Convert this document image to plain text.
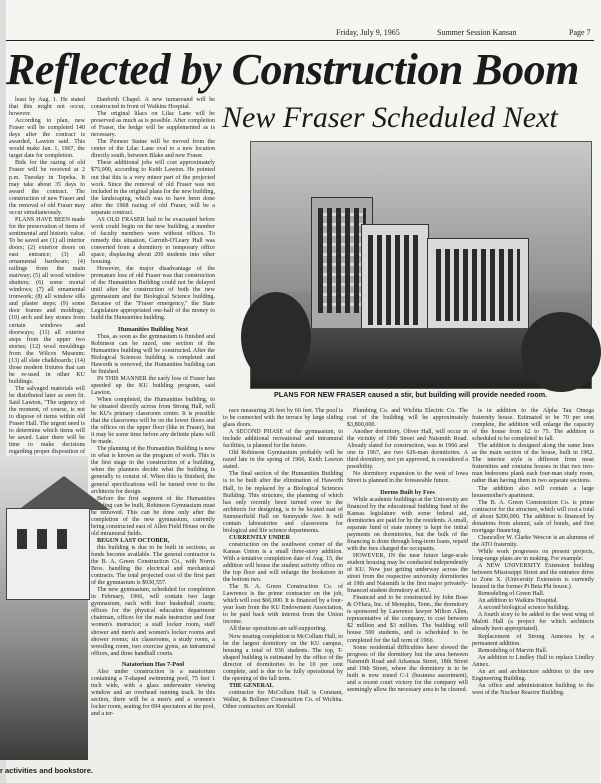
Friday, July 9, 1965	Summer Session Kansan	Page 7
Reflected by Construction Boom
New Fraser Scheduled Next

least by Aug. 1. He stated that this might not occur, however.

According to plan, new Fraser will be completed 140 days after the contract is awarded, Lawton said. This would make Jan. 1, 1967, the target date for completion.

Bids for the razing of old Fraser will be received at 2 p.m. Tuesday in Topeka. It may take about 35 days to award the contract. The construction of new Fraser and the removal of old Fraser may occur simultaneously.

PLANS HAVE BEEN made for the preservation of items of sentimental and historic value. To be saved are (1) all interior doors; (2) exterior doors on east entrance; (3) all ornamental hardware; (4) railings from the main stairway; (5) all wood window shutters; (6) some mortal windows; (7) all ornamental ironwork; (8) all window sills and plaster steps; (9) some door frames and moldings; (10) arch and key stones from certain windows and doorways; (11) all exterior steps from the upper two stories; (12) wool mouldings from the Wilcox Museum; (13) all slate chalkboards; (14) those modern fixtures that can be re-used in other KU buildings.

The salvaged materials will be distributed later as seen fit. Said Lawton, "The urgency of the moment, of course, is not to dispose of items within old Fraser Hall. The urgent need is to determine which items will be saved. Later there will be time to make decisions regarding proper disposition of

Danforth Chapel. A new turnaround will be constructed in front of Watkins Hospital.

The original lilacs on Lilac Lane will be preserved as much as is possible. After completion of Fraser, the hedge will be supplemented as is necessary.

The Pioneer Statue will be moved from the center of the Lilac Lane oval to a new location directly south, between Blake and new Fraser.

These additional jobs will cost approximately $75,000, according to Keith Lawton. He pointed out that this is a very minor part of the projected work. Since the removal of old Fraser was not included in the original plans for the new building, the landscaping, which was to have been done after the 1968 razing of old Fraser, will be a separate contract.

AS OLD FRASER had to be evacuated before work could begin on the new building, a number of faculty members were without offices. To remedy this situation, Carruth-O'Leary Hall was converted from a dormitory to temporary office space, displacing about 200 students into other housing.

However, the major disadvantage of the premature loss of old Fraser was that construction of the Humanities Building could not be delayed until after the construction of both the new gymnasium and the Biological Science building. Because of the "Fraser emergency," the State Legislature appropriated one-half of the money to build the Humanities building.

Humanities Building Next

Thus, as soon as the gymnasium is finished and Robinson can be razed, one section of the Humanities building will be constructed. After the Biological Sciences building is completed and Haworth is removed, the Humanities building can be finished.

IN THIS MANNER the early loss of Fraser has speeded up the KU building program, said Lawton.

When completed, the Humanities building, to be situated directly across from Strong Hall, will be KU's primary classroom center. It is possible that the classrooms will be on the lower floors and the offices on the upper floor (like in Fraser), but it may be some time before any definite plans will be made.

The planning of the Humanities Building is now in what is known as the program of work. This is the first stage in the construction of a building, when the planners decide what the building is generally to consist of. When this is finished, the general specifications will be turned over to the architects for design.

Before the first segment of the Humanities Building can be built, Robinson Gymnasium must be removed. This can be done only after the completion of the new gymnasium, currently being constructed east of Allen Field House on the old intramural fields.

BEGUN LAST OCTOBER,

this building is due to be built in sections, as funds become available. The general contractor is the B. A. Green Construction Co., with Norris Bros. handling the electrical and mechanical contracts. The total projected cost of the first part of the gymnasium is $930,557.

The new gymnasium, scheduled for completion in February, 1966, will contain two large gymnasium, each with four basketball courts; offices for the physical education department chairman, offices for the male instructor and four women's instructor; a staff locker room, staff shower and men's and women's locker rooms and shower rooms; six classrooms, a study room, a wrestling room, two exercise gyms, an intramural offices, and three handball courts.

Natatorium Has 7-Pool

Also under construction is a natatorium containing a T-shaped swimming pool, 75 feet 1 inch wide, with a glass underwater viewing window and an overhead running track. In this section, there will be a men's and a women's locker room, seating for 694 spectators at the pool, and a ter-

PLANS FOR NEW FRASER caused a stir, but building will provide needed room.

race measuring 26 feet by 60 feet. The pool is to be connected with the terrace by large sliding glass doors.

A SECOND PHASE of the gymnasium, to include additional recreational and intramural facilities, is planned for the future.

Old Robinson Gymnasium probably will be razed late in the spring of 1966, Keith Lawton stated.

The final section of the Humanities Building is to be built after the elimination of Haworth Hall, to be replaced by a Biological Sciences Building. This structure, the planning of which has only recently been turned over to the architects for designing, is to be located east of Summerfield Hall on Sunnyside Ave. It will contain laboratories and classrooms for biological and life science departments.

CURRENTLY UNDER

construction on the southwest corner of the Kansas Union is a small three-story addition. With a tentative completion date of Aug. 15, the addition will house the student activity office on the top floor and will enlarge the bookstore in the bottom two.

The B. A. Green Construction Co. of Lawrence is the prime contractor on the job, which will cost $66,000. It is financed by a four-year loan from the KU Endowment Association, to be paid back with interest from the Union income.

All these operations are self-supporting.

Now nearing completion is McCollum Hall, to be the largest dormitory on the KU campus, housing a total of 936 students. The top, T-shaped building is estimated by the office of the director of dormitories to be 10 per cent complete, and is due to be fully operational by the opening of the fall term.

THE GENERAL

contractor for McCollum Hall is Constant, Walter, & Bollmer Construction Co. of Wichita. Other contractors are Kendall

Plumbing Co. and Wichita Electric Co. The cost of the building will be approximately $3,800,000.

Another dormitory, Oliver Hall, will occur in the vicinity of 19th Street and Naismith Road. Already slated for construction, was in 1966 and one in 1967, are two 626-man dormitories. A third dormitory, not yet approved, is considered a possibility.

No dormitory expansion to the west of Iowa Street is planned in the foreseeable future.

Dorms Built by Fees

While academic buildings at the University are financed by the educational building fund of the Kansas legislature with some federal aid, dormitories are paid for by the residents. A small, separate fund of state money is kept for initial payments on dormitories, but the bulk of the financing is done through long-term loans, repaid with the fees charged the occupants.

HOWEVER, IN the near future large-scale student housing may be conducted independently of KU. Now just getting underway across the street from the respective university dormitories at 19th and Naismith is the first major privately-financed student dormitory at KU.

Financed and to be constructed by John Bose & O'Hara, Inc. of Memphis, Tenn., the dormitory is sponsored by Lawrence lawyer Milton Allen, representative of the company, to cost between $2 million and $3 million. The building will house 500 students, and is scheduled to be completed for the fall term of 1966.

Some residential difficulties have slowed the progress of the dormitory but the area between Naismith Road and Arkansas Street, 18th Street and 19th Street, where the dormitory is to be built is now zoned C-1 (business assortment), and a recent court victory for the company will seemingly allow the necessary area to be cleared.

is in addition to the Alpha Tau Omega fraternity house. Estimated to be 70 per cent complete, the addition will enlarge the capacity of the house from 62 to 75. The addition is scheduled to be completed in fall.

The addition is designed along the same lines as the main section of the house, built in 1962. The interior style is different from most fraternities and contains houses in that two two-man bedrooms plank each four-man study room, rather than having them in two separate sections.

The addition also will contain a large housemother's apartment.

The B. A. Green Construction Co. is prime contractor for the structure, which will cost a total of about $200,000. The addition is financed by donations from alumni, sale of bonds, and first mortgage financing.

Chancellor W. Clarke Wescoe is an alumnus of the ATO fraternity.

While work progresses on present projects, long-range plans are in making. For example:

A NEW UNIVERSITY Extension building between Mississippi Street and the entrance drive to Zone X. (University Extension is currently housed in the former Pi Beta Phi house.)

Remodeling of Green Hall.

An addition to Watkins Hospital.

A second biological science building.

A fourth story to be added to the west wing of Malott Hall (a project for which architects already been appropriated).

Replacement of Strong Annexes by a permanent addition.

Remodeling of Marvin Hall.

An addition to Lindley Hall to replace Lindley Annex.

An art and architecture addition to the new Engineering Building.

An office and administration building to the west of the Nuclear Reactor Building.

r activities and bookstore.
